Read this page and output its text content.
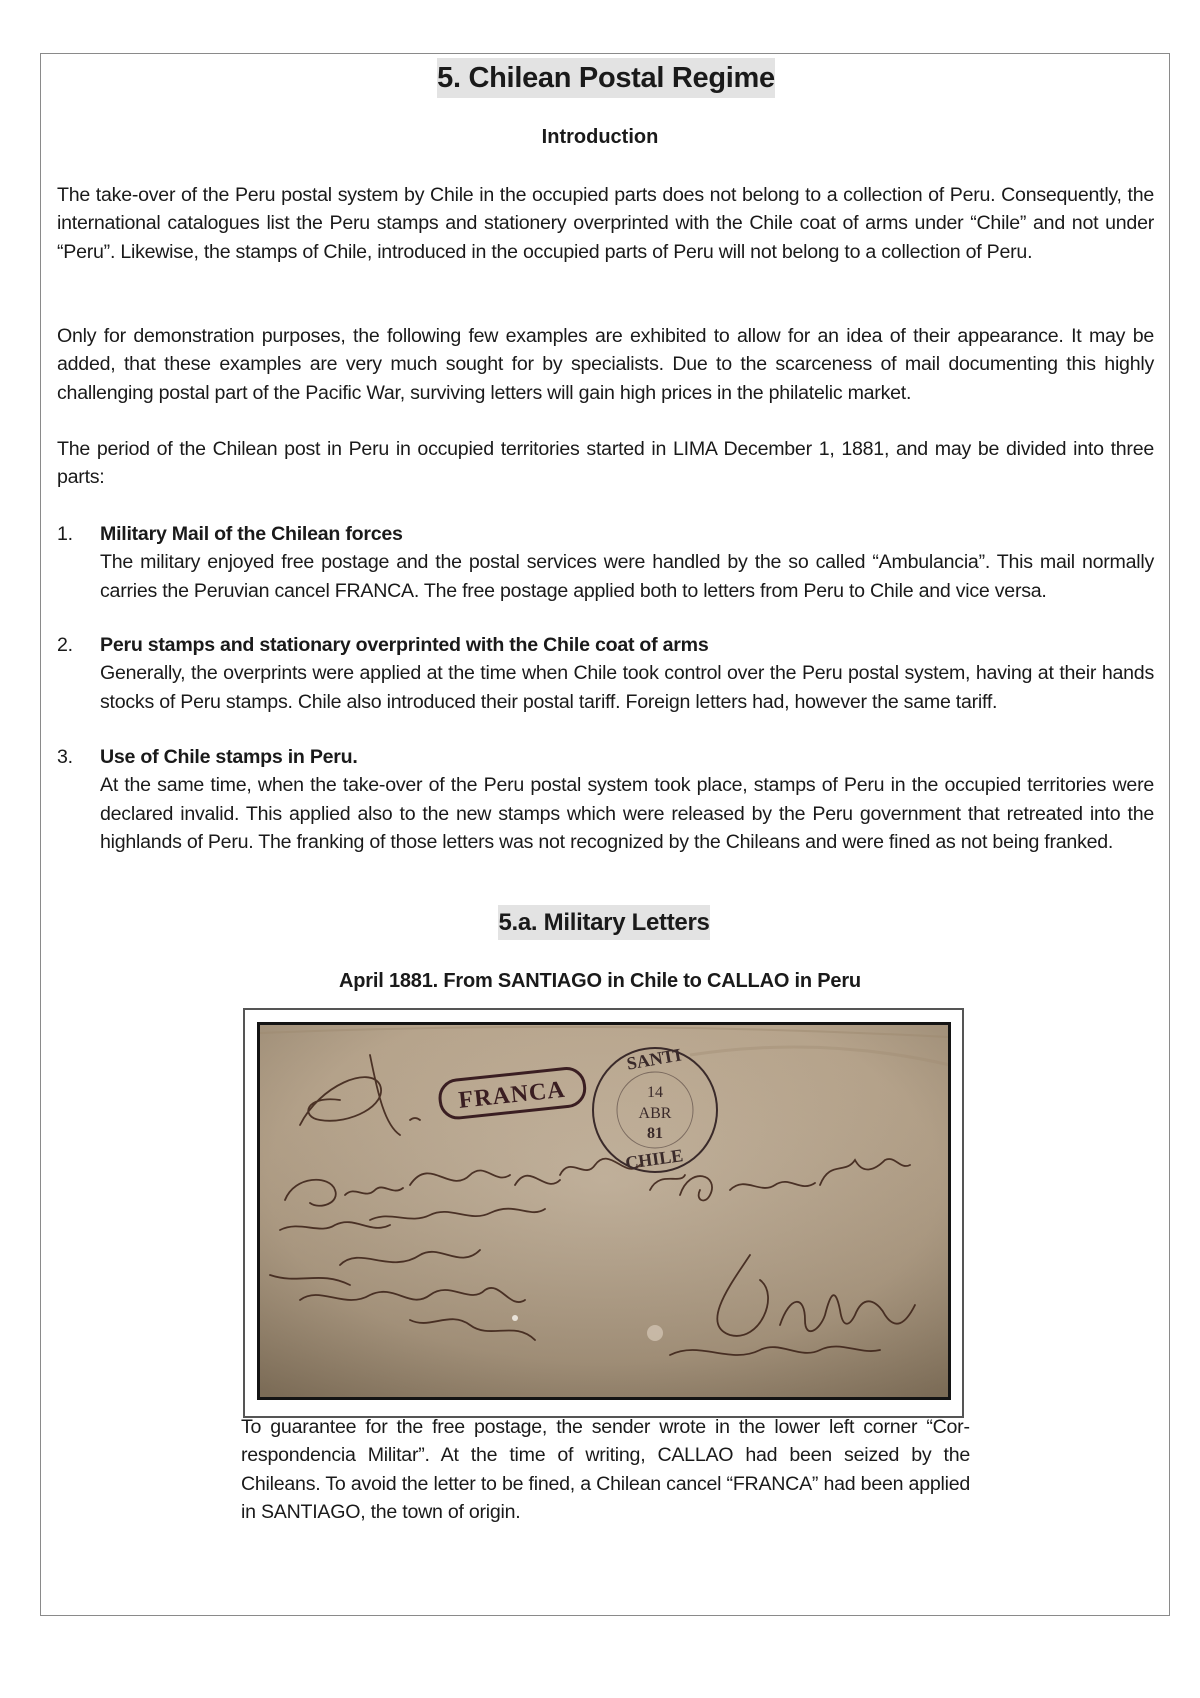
5. Chilean Postal Regime
Introduction

The take-over of the Peru postal system by Chile in the occupied parts does not belong to a collection of Peru. Consequently, the international catalogues list the Peru stamps and stationery overprinted with the Chile coat of arms under “Chile” and not under “Peru”. Likewise, the stamps of Chile, introduced in the occupied parts of Peru will not belong to a collection of Peru.

Only for demonstration purposes, the following few examples are exhibited to allow for an idea of their appearance. It may be added, that these examples are very much sought for by specialists. Due to the scarceness of mail documenting this highly challenging postal part of the Pacific War, surviving letters will gain high prices in the philatelic market.

The period of the Chilean post in Peru in occupied territories started in LIMA December 1, 1881, and may be divided into three parts:

1. Military Mail of the Chilean forces

The military enjoyed free postage and the postal services were handled by the so called “Ambulancia”. This mail normally carries the Peruvian cancel FRANCA. The free postage applied both to letters from Peru to Chile and vice versa.

2. Peru stamps and stationary overprinted with the Chile coat of arms

Generally, the overprints were applied at the time when Chile took control over the Peru postal system, having at their hands stocks of Peru stamps. Chile also introduced their postal tariff. Foreign letters had, however the same tariff.

3. Use of Chile stamps in Peru.

At the same time, when the take-over of the Peru postal system took place, stamps of Peru in the occupied territories were declared invalid. This applied also to the new stamps which were released by the Peru government that retreated into the highlands of Peru. The franking of those letters was not recognized by the Chileans and were fined as not being franked.

5.a. Military Letters
April 1881. From SANTIAGO in Chile to CALLAO in Peru
FRANCA
SANTI
14
ABR
81
CHILE

To guarantee for the free postage, the sender wrote in the lower left corner “Correspondencia Militar”. At the time of writing, CALLAO had been seized by the Chileans. To avoid the letter to be fined, a Chilean cancel “FRANCA” had been applied in SANTIAGO, the town of origin.
